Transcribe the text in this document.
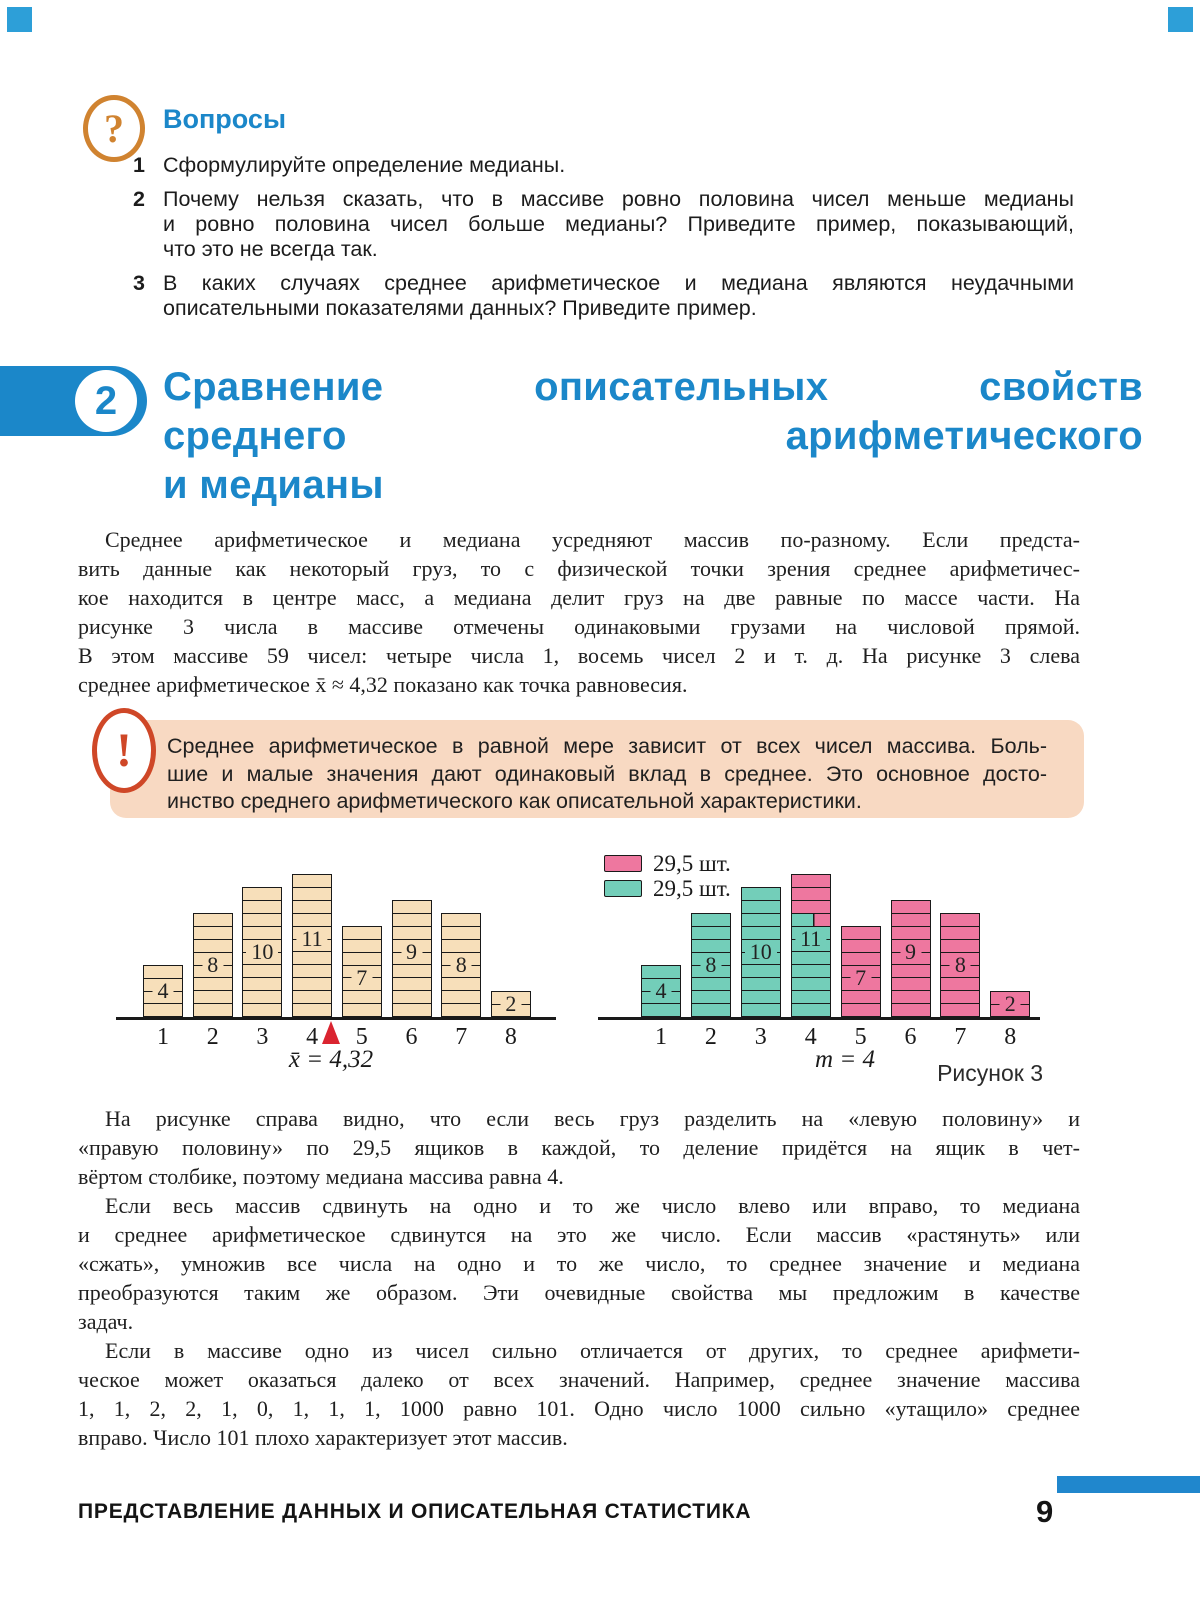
? Вопросы
1 Сформулируйте определение медианы.
2 Почему нельзя сказать, что в массиве ровно половина чисел меньше медианы
и ровно половина чисел больше медианы? Приведите пример, показывающий,
что это не всегда так.
3 В каких случаях среднее арифметическое и медиана являются неудачными
описательными показателями данных? Приведите пример.
2 Сравнение описательных свойств
среднего арифметического
и медианы
Среднее арифметическое и медиана усредняют массив по-разному. Если предста-
вить данные как некоторый груз, то с физической точки зрения среднее арифметичес-
кое находится в центре масс, а медиана делит груз на две равные по массе части. На
рисунке 3 числа в массиве отмечены одинаковыми грузами на числовой прямой.
В этом массиве 59 чисел: четыре числа 1, восемь чисел 2 и т. д. На рисунке 3 слева
среднее арифметическое x̄ ≈ 4,32 показано как точка равновесия.
! Среднее арифметическое в равной мере зависит от всех чисел массива. Боль-
шие и малые значения дают одинаковый вклад в среднее. Это основное досто-
инство среднего арифметического как описательной характеристики.
4
1
8
2
10
3
11
4
7
5
9
6
8
7
2
8
4
1
8
2
10
3
11
4
7
5
9
6
8
7
2
8
x̄ = 4,32	m = 4
29,5 шт.
29,5 шт.
Рисунок 3
На рисунке справа видно, что если весь груз разделить на «левую половину» и
«правую половину» по 29,5 ящиков в каждой, то деление придётся на ящик в чет-
вёртом столбике, поэтому медиана массива равна 4.
Если весь массив сдвинуть на одно и то же число влево или вправо, то медиана
и среднее арифметическое сдвинутся на это же число. Если массив «растянуть» или
«сжать», умножив все числа на одно и то же число, то среднее значение и медиана
преобразуются таким же образом. Эти очевидные свойства мы предложим в качестве
задач.
Если в массиве одно из чисел сильно отличается от других, то среднее арифмети-
ческое может оказаться далеко от всех значений. Например, среднее значение массива
1, 1, 2, 2, 1, 0, 1, 1, 1, 1000 равно 101. Одно число 1000 сильно «утащило» среднее
вправо. Число 101 плохо характеризует этот массив.
ПРЕДСТАВЛЕНИЕ ДАННЫХ И ОПИСАТЕЛЬНАЯ СТАТИСТИКА	9
